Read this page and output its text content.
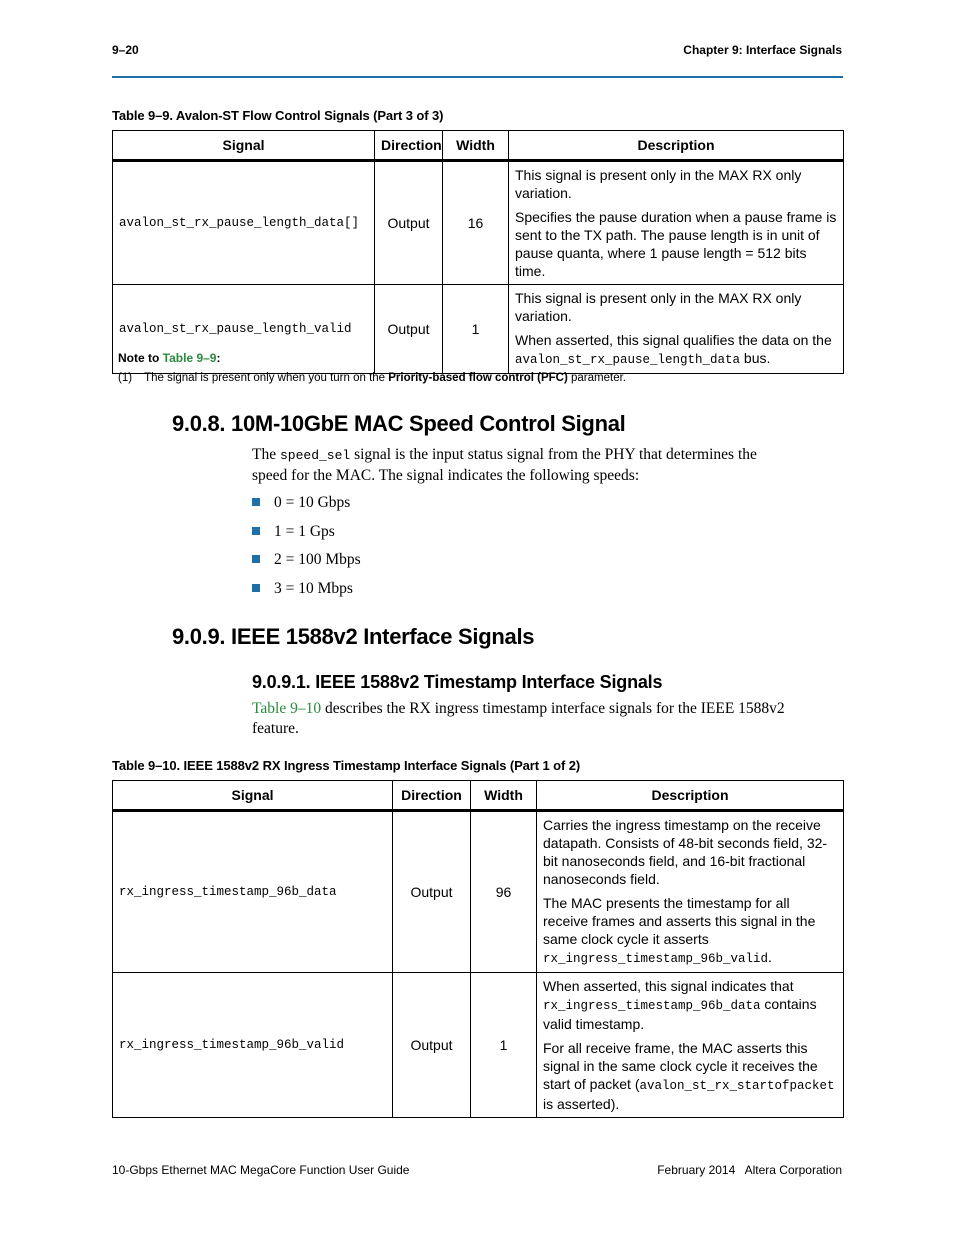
9–20	Chapter 9: Interface Signals
Table 9–9. Avalon-ST Flow Control Signals (Part 3 of 3)
Signal	Direction	Width	Description
avalon_st_rx_pause_length_data[]	Output	16	This signal is present only in the MAX RX only variation.

Specifies the pause duration when a pause frame is sent to the TX path. The pause length is in unit of pause quanta, where 1 pause length = 512 bits time.

avalon_st_rx_pause_length_valid	Output	1	This signal is present only in the MAX RX only variation.

When asserted, this signal qualifies the data on the
avalon_st_rx_pause_length_data bus.

Note to Table 9–9:
(1) The signal is present only when you turn on the Priority-based flow control (PFC) parameter.
9.0.8. 10M-10GbE MAC Speed Control Signal
The speed_sel signal is the input status signal from the PHY that determines the
speed for the MAC. The signal indicates the following speeds:
0 = 10 Gbps
1 = 1 Gps
2 = 100 Mbps
3 = 10 Mbps
9.0.9. IEEE 1588v2 Interface Signals
9.0.9.1. IEEE 1588v2 Timestamp Interface Signals
Table 9–10 describes the RX ingress timestamp interface signals for the IEEE 1588v2
feature.
Table 9–10. IEEE 1588v2 RX Ingress Timestamp Interface Signals (Part 1 of 2)
Signal	Direction	Width	Description
rx_ingress_timestamp_96b_data	Output	96	Carries the ingress timestamp on the receive datapath. Consists of 48-bit seconds field, 32-bit nanoseconds field, and 16-bit fractional nanoseconds field.

The MAC presents the timestamp for all receive frames and asserts this signal in the same clock cycle it asserts
rx_ingress_timestamp_96b_valid.

rx_ingress_timestamp_96b_valid	Output	1	When asserted, this signal indicates that
rx_ingress_timestamp_96b_data contains valid timestamp.

For all receive frame, the MAC asserts this signal in the same clock cycle it receives the start of packet (avalon_st_rx_startofpacket is asserted).

10-Gbps Ethernet MAC MegaCore Function User Guide	February 2014   Altera Corporation
